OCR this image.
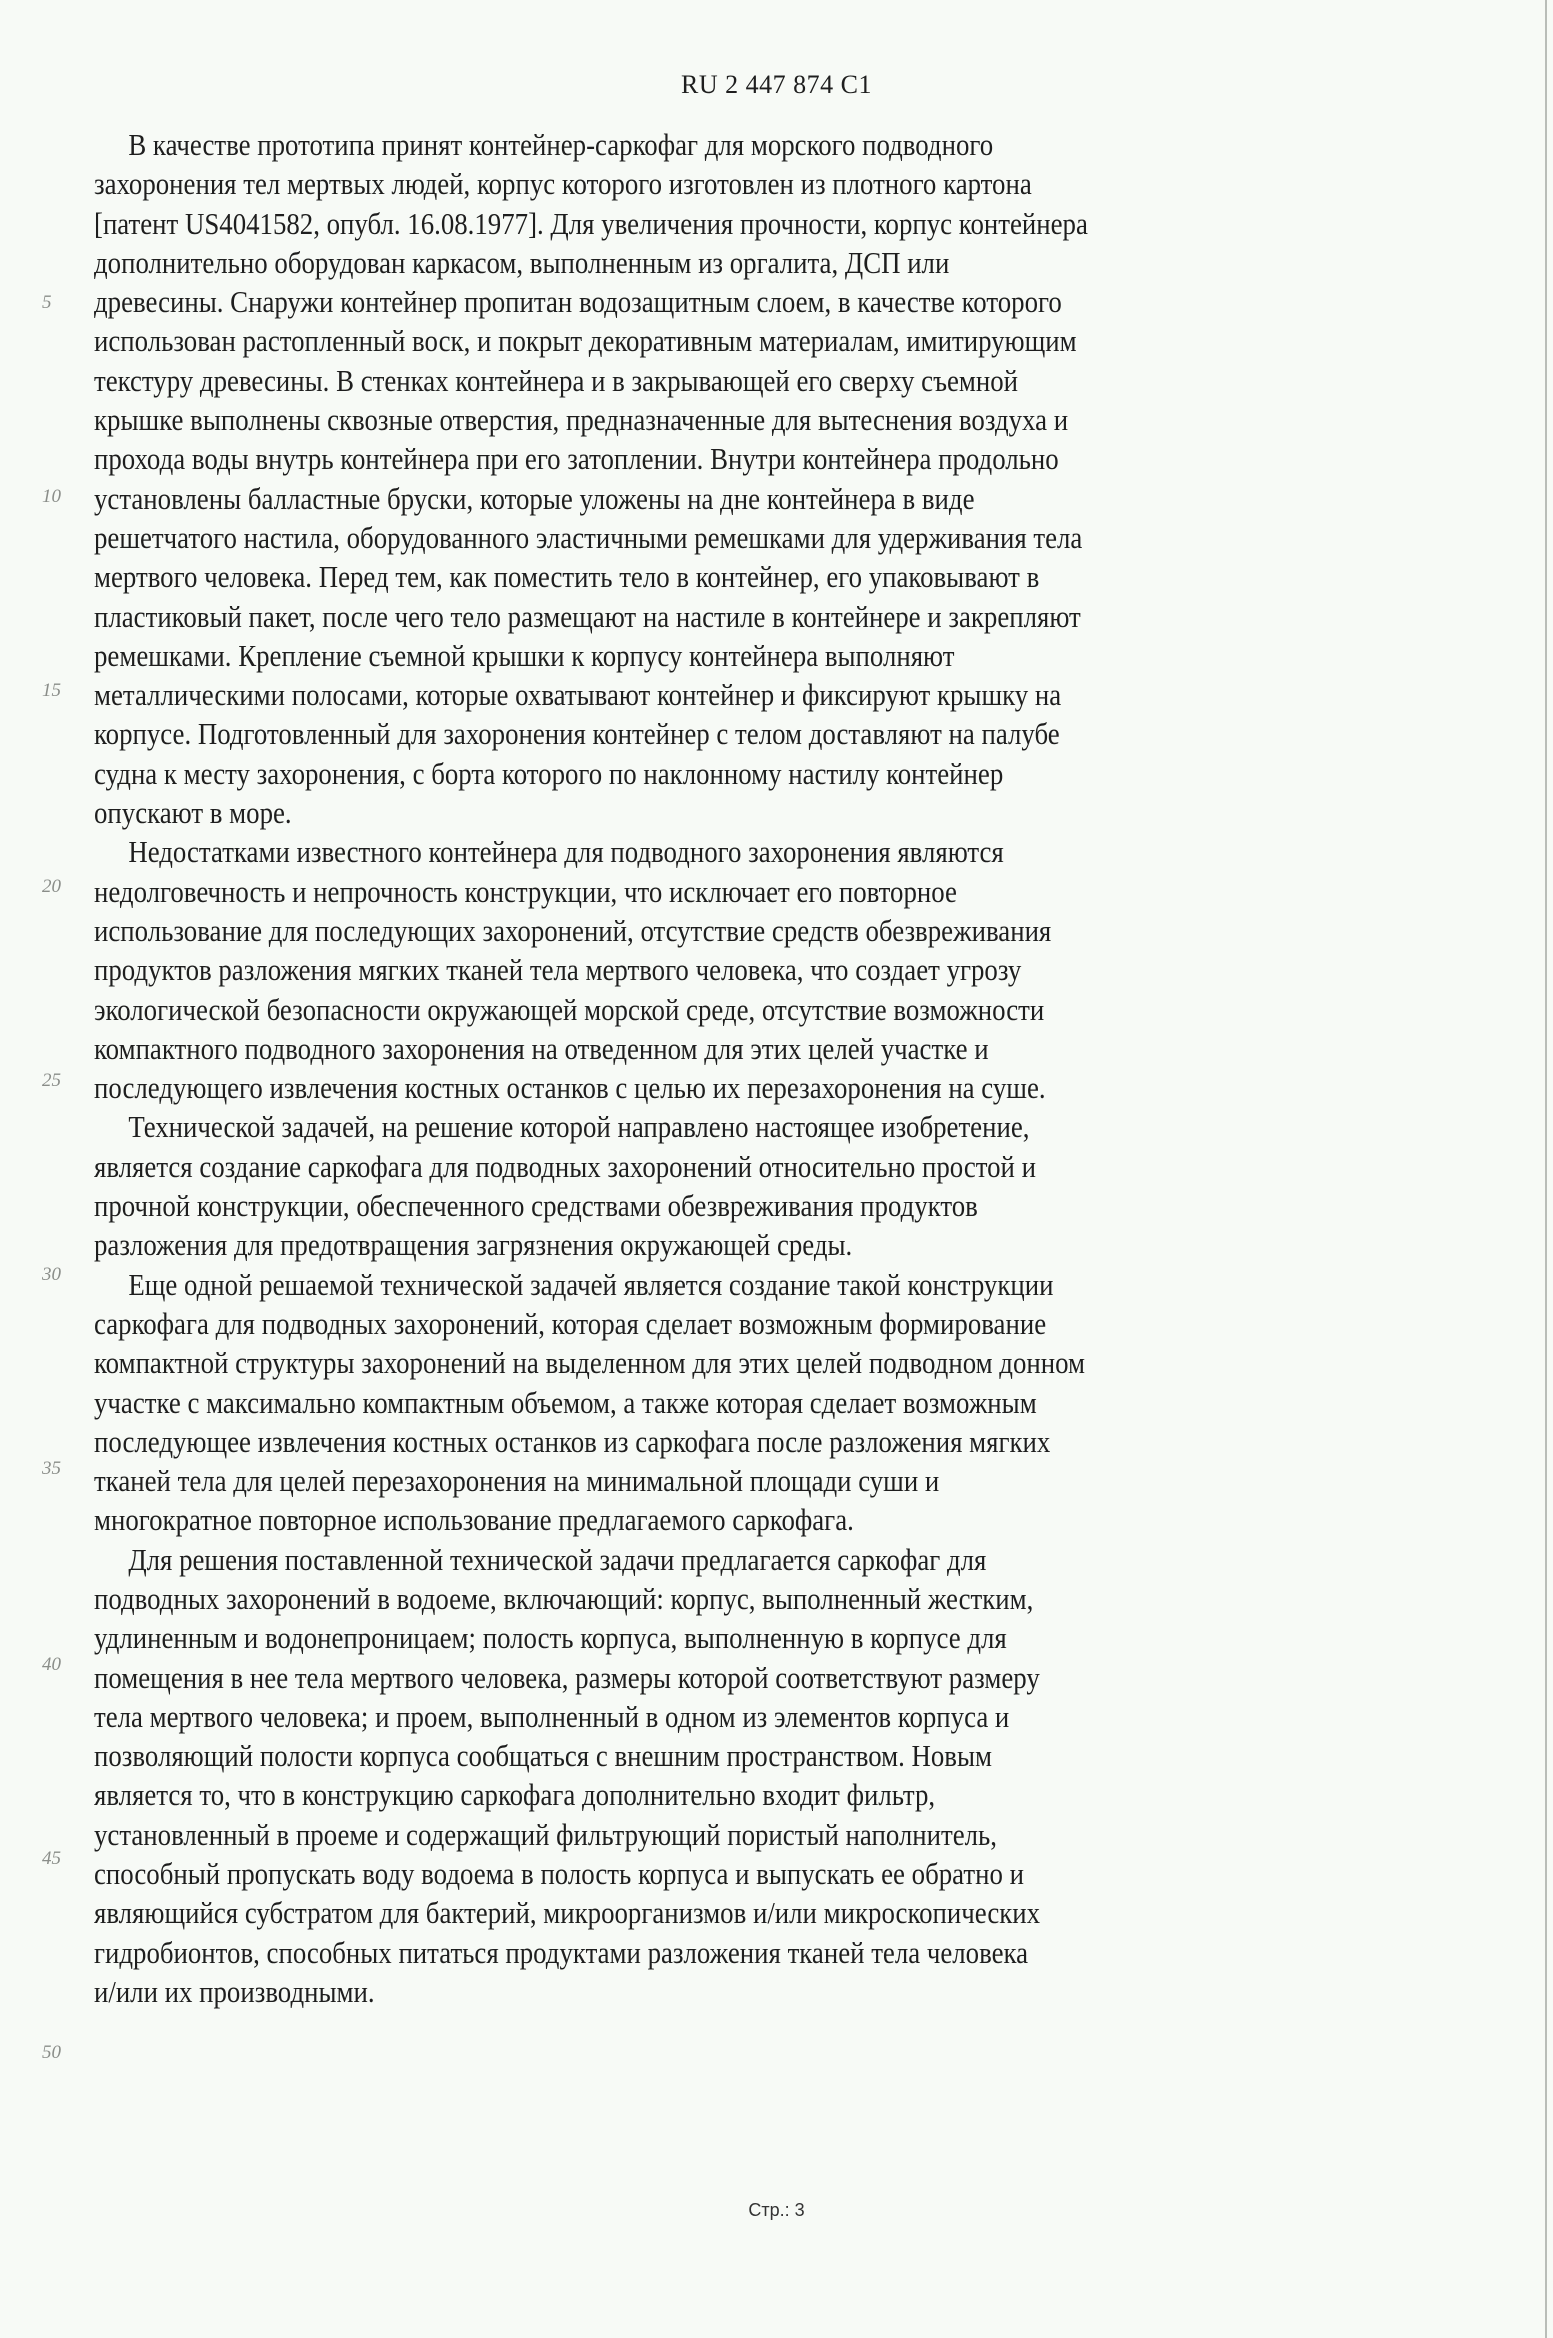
RU 2 447 874 C1
В качестве прототипа принят контейнер-саркофаг для морского подводного
захоронения тел мертвых людей, корпус которого изготовлен из плотного картона
[патент US4041582, опубл. 16.08.1977]. Для увеличения прочности, корпус контейнера
дополнительно оборудован каркасом, выполненным из оргалита, ДСП или
древесины. Снаружи контейнер пропитан водозащитным слоем, в качестве которого
использован растопленный воск, и покрыт декоративным материалам, имитирующим
текстуру древесины. В стенках контейнера и в закрывающей его сверху съемной
крышке выполнены сквозные отверстия, предназначенные для вытеснения воздуха и
прохода воды внутрь контейнера при его затоплении. Внутри контейнера продольно
установлены балластные бруски, которые уложены на дне контейнера в виде
решетчатого настила, оборудованного эластичными ремешками для удерживания тела
мертвого человека. Перед тем, как поместить тело в контейнер, его упаковывают в
пластиковый пакет, после чего тело размещают на настиле в контейнере и закрепляют
ремешками. Крепление съемной крышки к корпусу контейнера выполняют
металлическими полосами, которые охватывают контейнер и фиксируют крышку на
корпусе. Подготовленный для захоронения контейнер с телом доставляют на палубе
судна к месту захоронения, с борта которого по наклонному настилу контейнер
опускают в море.
Недостатками известного контейнера для подводного захоронения являются
недолговечность и непрочность конструкции, что исключает его повторное
использование для последующих захоронений, отсутствие средств обезвреживания
продуктов разложения мягких тканей тела мертвого человека, что создает угрозу
экологической безопасности окружающей морской среде, отсутствие возможности
компактного подводного захоронения на отведенном для этих целей участке и
последующего извлечения костных останков с целью их перезахоронения на суше.
Технической задачей, на решение которой направлено настоящее изобретение,
является создание саркофага для подводных захоронений относительно простой и
прочной конструкции, обеспеченного средствами обезвреживания продуктов
разложения для предотвращения загрязнения окружающей среды.
Еще одной решаемой технической задачей является создание такой конструкции
саркофага для подводных захоронений, которая сделает возможным формирование
компактной структуры захоронений на выделенном для этих целей подводном донном
участке с максимально компактным объемом, а также которая сделает возможным
последующее извлечения костных останков из саркофага после разложения мягких
тканей тела для целей перезахоронения на минимальной площади суши и
многократное повторное использование предлагаемого саркофага.
Для решения поставленной технической задачи предлагается саркофаг для
подводных захоронений в водоеме, включающий: корпус, выполненный жестким,
удлиненным и водонепроницаем; полость корпуса, выполненную в корпусе для
помещения в нее тела мертвого человека, размеры которой соответствуют размеру
тела мертвого человека; и проем, выполненный в одном из элементов корпуса и
позволяющий полости корпуса сообщаться с внешним пространством. Новым
является то, что в конструкцию саркофага дополнительно входит фильтр,
установленный в проеме и содержащий фильтрующий пористый наполнитель,
способный пропускать воду водоема в полость корпуса и выпускать ее обратно и
являющийся субстратом для бактерий, микроорганизмов и/или микроскопических
гидробионтов, способных питаться продуктами разложения тканей тела человека
и/или их производными.
5
10
15
20
25
30
35
40
45
50
Стр.: 3
